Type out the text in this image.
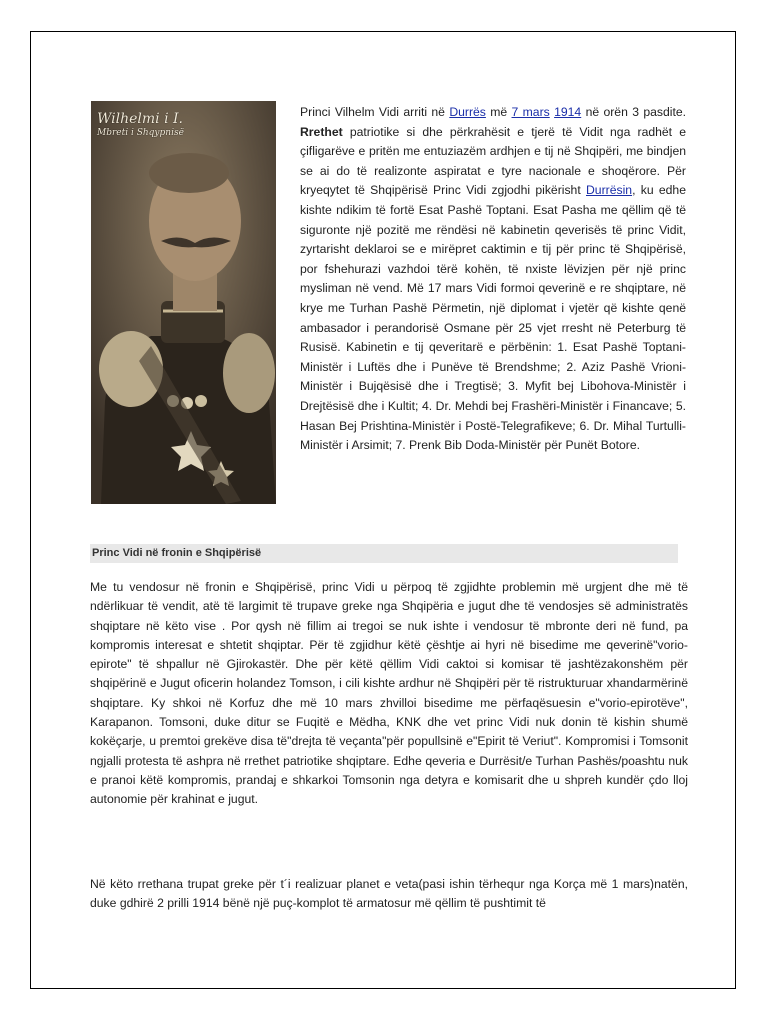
Wilhelmi i I.
Mbreti i Shqypnisë
Princi Vilhelm Vidi arriti në Durrës më 7 mars 1914 në orën 3 pasdite. Rrethet patriotike si dhe përkrahësit e tjerë të Vidit nga radhët e çifligarëve e pritën me entuziazëm ardhjen e tij në Shqipëri, me bindjen se ai do të realizonte aspiratat e tyre nacionale e shoqërore. Për kryeqytet të Shqipërisë Princ Vidi zgjodhi pikërisht Durrësin, ku edhe kishte ndikim të fortë Esat Pashë Toptani. Esat Pasha me qëllim që të siguronte një pozitë me rëndësi në kabinetin qeverisës të princ Vidit, zyrtarisht deklaroi se e mirëpret caktimin e tij për princ të Shqipërisë, por fshehurazi vazhdoi tërë kohën, të nxiste lëvizjen për një princ mysliman në vend. Më 17 mars Vidi formoi qeverinë e re shqiptare, në krye me Turhan Pashë Përmetin, një diplomat i vjetër që kishte qenë ambasador i perandorisë Osmane për 25 vjet rresht në Peterburg të Rusisë. Kabinetin e tij qeveritarë e përbënin: 1. Esat Pashë Toptani-Ministër i Luftës dhe i Punëve të Brendshme; 2. Aziz Pashë Vrioni-Ministër i Bujqësisë dhe i Tregtisë; 3. Myfit bej Libohova-Ministër i Drejtësisë dhe i Kultit; 4. Dr. Mehdi bej Frashëri-Ministër i Financave; 5. Hasan Bej Prishtina-Ministër i Postë-Telegrafikeve; 6. Dr. Mihal Turtulli-Ministër i Arsimit; 7. Prenk Bib Doda-Ministër për Punët Botore.
Princ Vidi në fronin e Shqipërisë

Me tu vendosur në fronin e Shqipërisë, princ Vidi u përpoq të zgjidhte problemin më urgjent dhe më të ndërlikuar të vendit, atë të largimit të trupave greke nga Shqipëria e jugut dhe të vendosjes së administratës shqiptare në këto vise . Por qysh në fillim ai tregoi se nuk ishte i vendosur të mbronte deri në fund, pa kompromis interesat e shtetit shqiptar. Për të zgjidhur këtë çështje ai hyri në bisedime me qeverinë"vorio-epirote" të shpallur në Gjirokastër. Dhe për këtë qëllim Vidi caktoi si komisar të jashtëzakonshëm për shqipërinë e Jugut oficerin holandez Tomson, i cili kishte ardhur në Shqipëri për të ristrukturuar xhandarmërinë shqiptare. Ky shkoi në Korfuz dhe më 10 mars zhvilloi bisedime me përfaqësuesin e"vorio-epirotëve", Karapanon. Tomsoni, duke ditur se Fuqitë e Mëdha, KNK dhe vet princ Vidi nuk donin të kishin shumë kokëçarje, u premtoi grekëve disa të"drejta të veçanta"për popullsinë e"Epirit të Veriut". Kompromisi i Tomsonit ngjalli protesta të ashpra në rrethet patriotike shqiptare. Edhe qeveria e Durrësit/e Turhan Pashës/poashtu nuk e pranoi këtë kompromis, prandaj e shkarkoi Tomsonin nga detyra e komisarit dhe u shpreh kundër çdo lloj autonomie për krahinat e jugut.

Në këto rrethana trupat greke për t´i realizuar planet e veta(pasi ishin tërhequr nga Korça më 1 mars)natën, duke gdhirë 2 prilli 1914 bënë një puç-komplot të armatosur më qëllim të pushtimit të
